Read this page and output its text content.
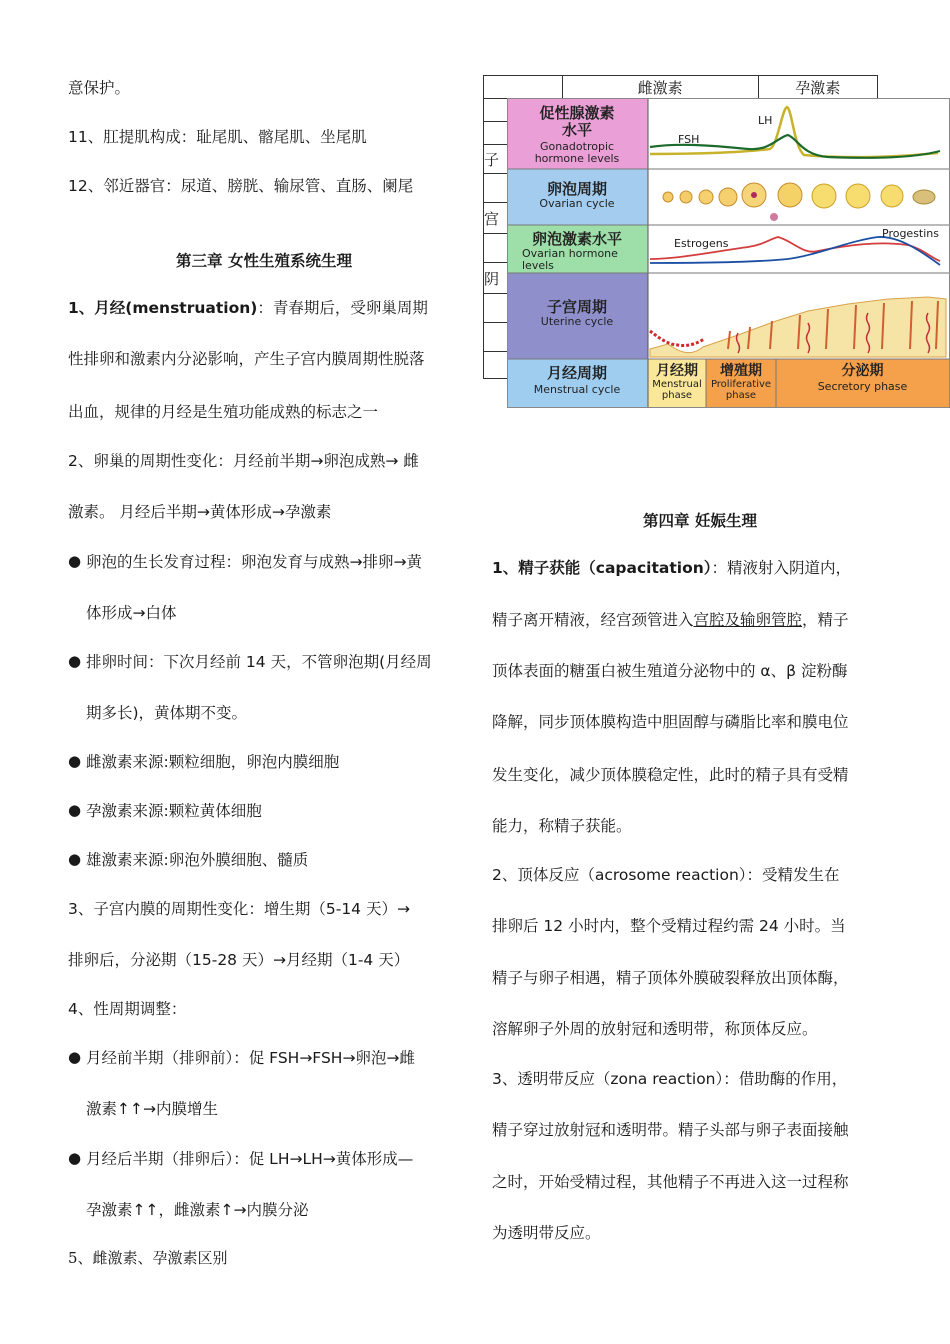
意保护。
11、肛提肌构成：耻尾肌、髂尾肌、坐尾肌
12、邻近器官：尿道、膀胱、输尿管、直肠、阑尾
第三章 女性生殖系统生理
1、月经(menstruation)：青春期后，受卵巢周期
性排卵和激素内分泌影响，产生子宫内膜周期性脱落
出血，规律的月经是生殖功能成熟的标志之一
2、卵巢的周期性变化：月经前半期→卵泡成熟→ 雌
激素。 月经后半期→黄体形成→孕激素
● 卵泡的生长发育过程：卵泡发育与成熟→排卵→黄
体形成→白体
● 排卵时间：下次月经前 14 天，不管卵泡期(月经周
期多长)，黄体期不变。
● 雌激素来源:颗粒细胞，卵泡内膜细胞
● 孕激素来源:颗粒黄体细胞
● 雄激素来源:卵泡外膜细胞、髓质
3、子宫内膜的周期性变化：增生期（5-14 天）→
排卵后，分泌期（15-28 天）→月经期（1-4 天）
4、性周期调整：
● 月经前半期（排卵前）：促 FSH→FSH→卵泡→雌
激素↑↑→内膜增生
● 月经后半期（排卵后）：促 LH→LH→黄体形成—
孕激素↑↑，雌激素↑→内膜分泌
5、雌激素、孕激素区别
	雌激素	孕激素

子		

宫		

阴		

促性腺激素
水平
Gonadotropic
hormone levels
卵泡周期
Ovarian cycle
卵泡激素水平
Ovarian hormone
levels
子宫周期
Uterine cycle
月经周期
Menstrual cycle
LH
FSH
Estrogens
Progestins
月经期
Menstrual
phase
增殖期
Proliferative
phase
分泌期
Secretory phase
第四章 妊娠生理
1、精子获能（capacitation）：精液射入阴道内，
精子离开精液，经宫颈管进入宫腔及输卵管腔，精子
顶体表面的糖蛋白被生殖道分泌物中的 α、β 淀粉酶
降解，同步顶体膜构造中胆固醇与磷脂比率和膜电位
发生变化，减少顶体膜稳定性，此时的精子具有受精
能力，称精子获能。
2、顶体反应（acrosome reaction）：受精发生在
排卵后 12 小时内，整个受精过程约需 24 小时。当
精子与卵子相遇，精子顶体外膜破裂释放出顶体酶，
溶解卵子外周的放射冠和透明带，称顶体反应。
3、透明带反应（zona reaction）：借助酶的作用，
精子穿过放射冠和透明带。精子头部与卵子表面接触
之时，开始受精过程，其他精子不再进入这一过程称
为透明带反应。
